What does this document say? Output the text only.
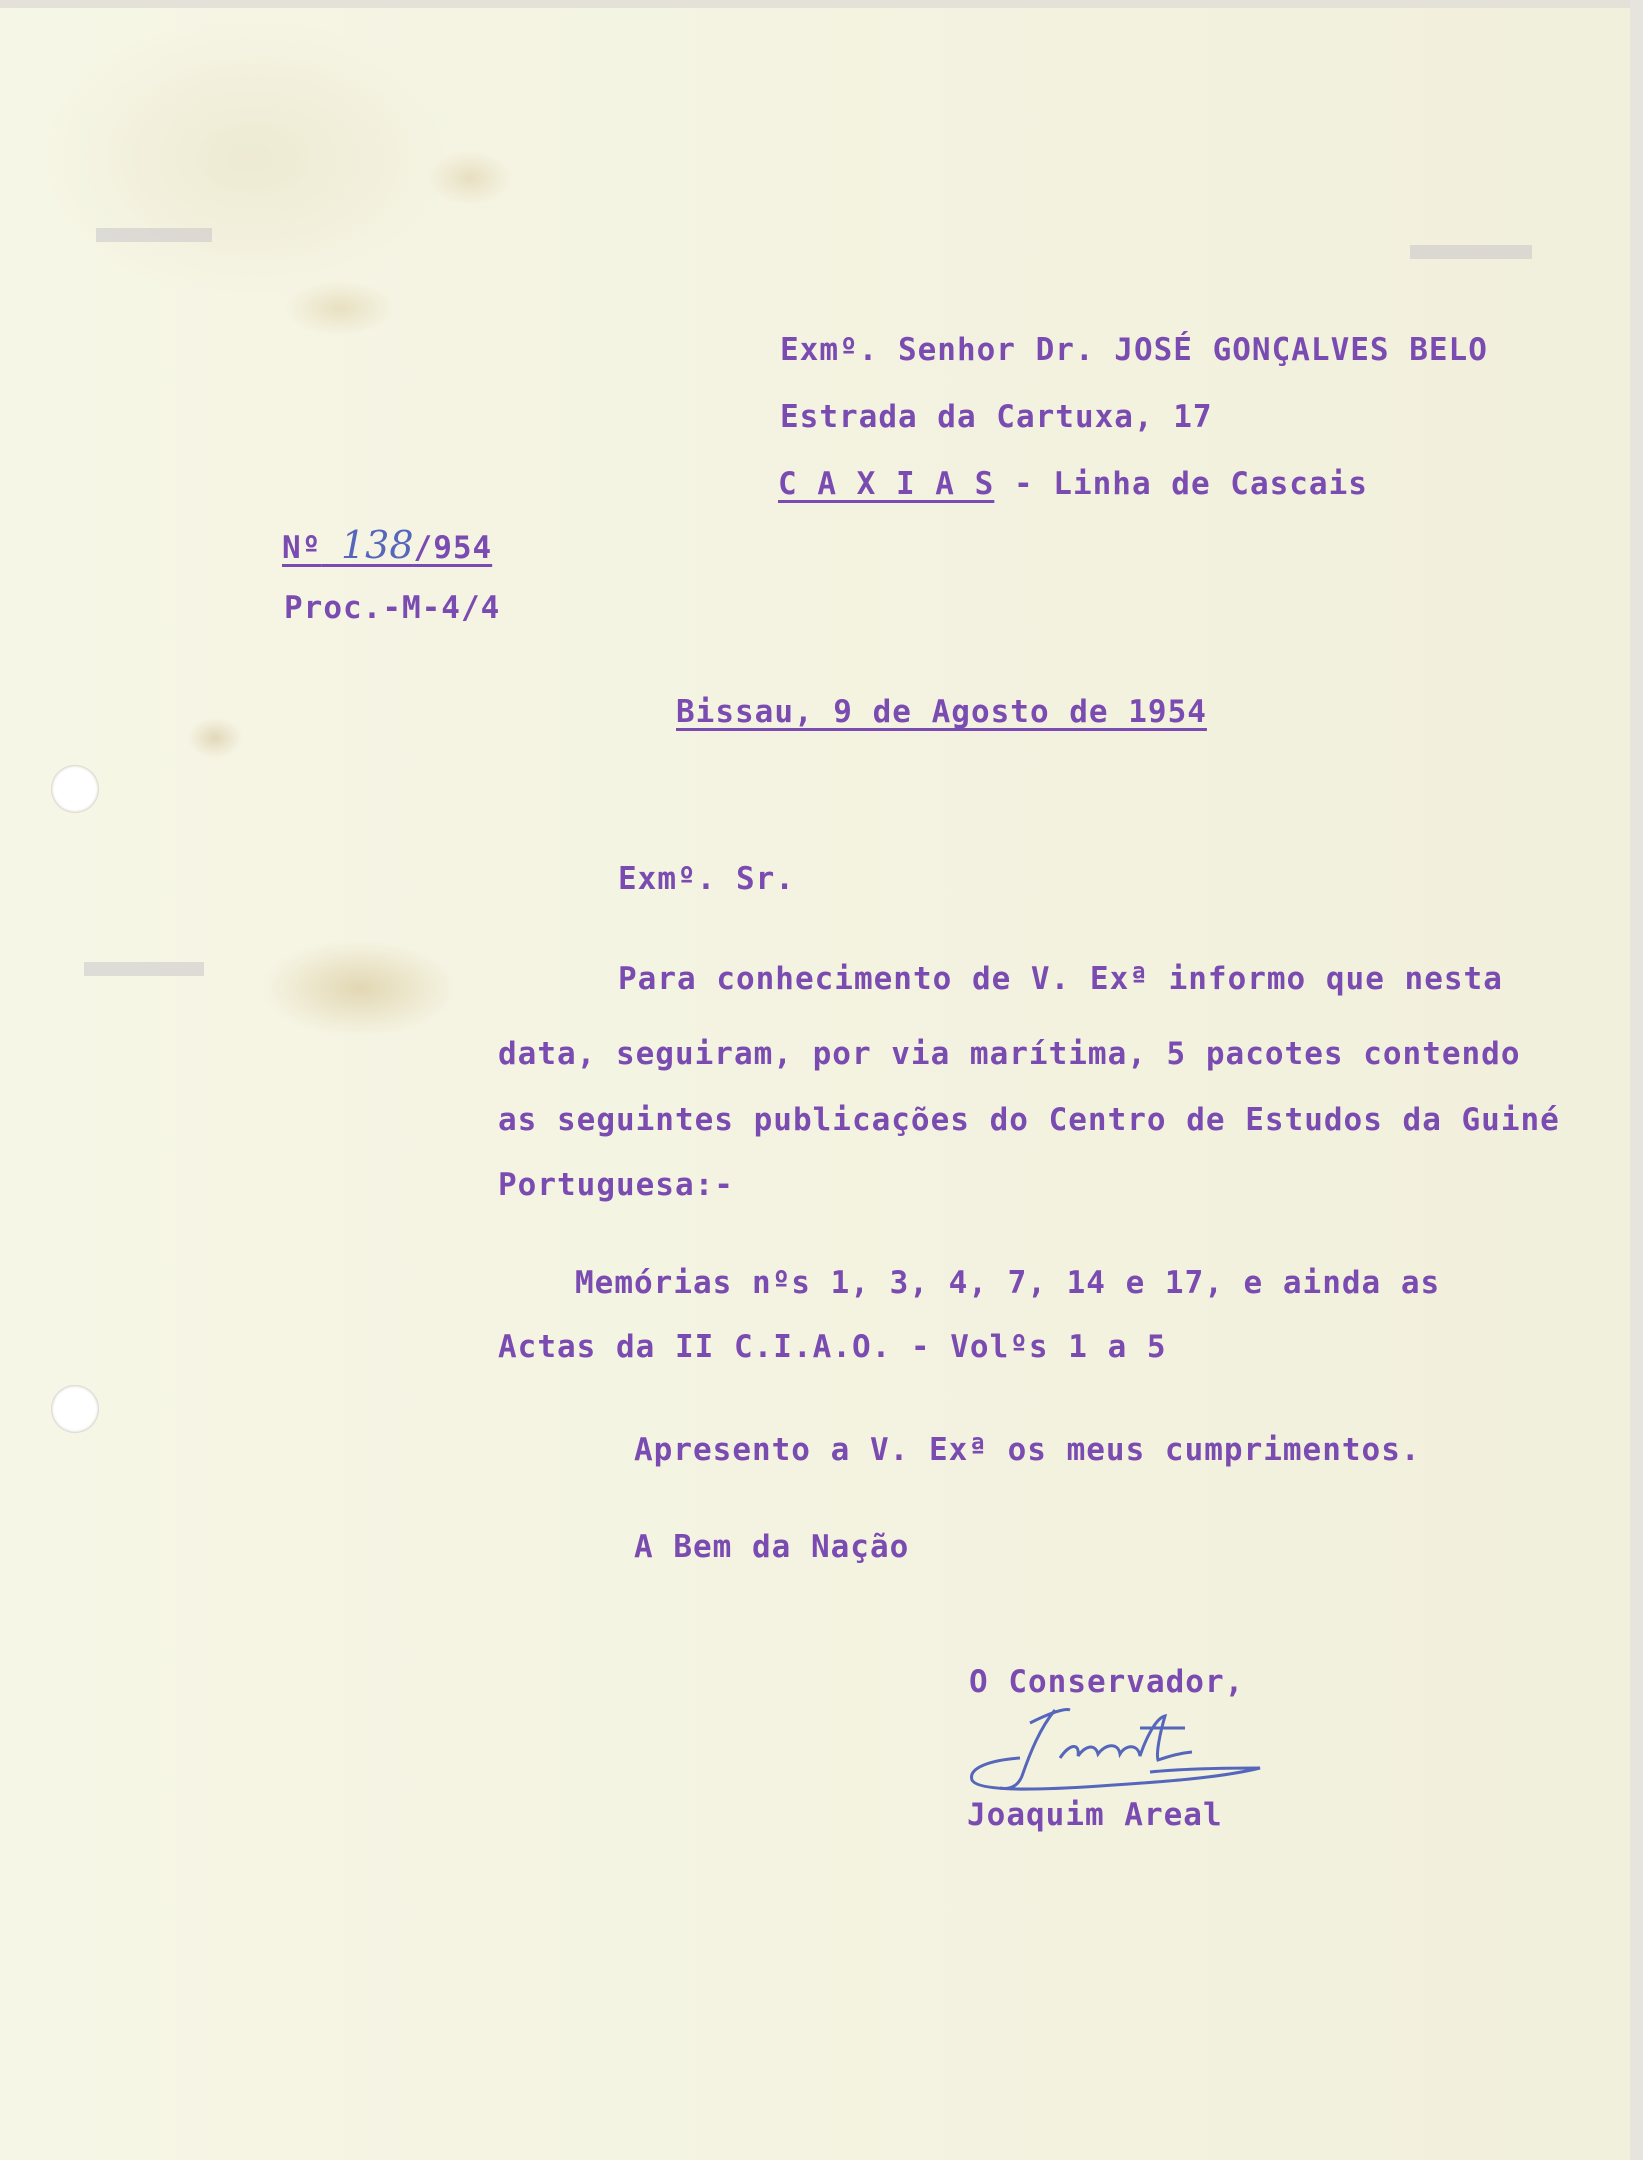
Exmº. Senhor Dr. JOSÉ GONÇALVES BELO
Estrada da Cartuxa, 17
C A X I A S - Linha de Cascais
Nº 138/954
Proc.-M-4/4
Bissau, 9 de Agosto de 1954
Exmº. Sr.
Para conhecimento de V. Exª informo que nesta
data, seguiram, por via marítima, 5 pacotes contendo
as seguintes publicações do Centro de Estudos da Guiné
Portuguesa:-
Memórias nºs 1, 3, 4, 7, 14 e 17, e ainda as
Actas da II C.I.A.O. - Volºs 1 a 5
Apresento a V. Exª os meus cumprimentos.
A Bem da Nação
O Conservador,
Joaquim Areal
